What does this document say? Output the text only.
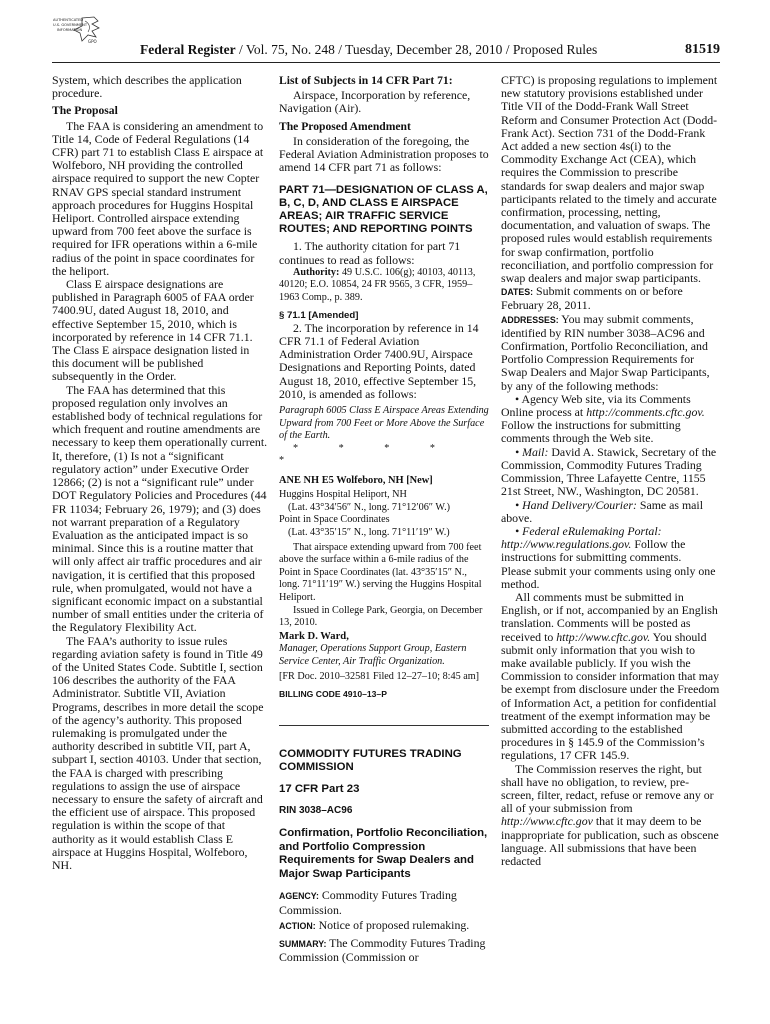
AUTHENTICATED
U.S. GOVERNMENT
INFORMATION
GPO
Federal Register / Vol. 75, No. 248 / Tuesday, December 28, 2010 / Proposed Rules	81519

System, which describes the application procedure.

The Proposal

The FAA is considering an amendment to Title 14, Code of Federal Regulations (14 CFR) part 71 to establish Class E airspace at Wolfeboro, NH providing the controlled airspace required to support the new Copter RNAV GPS special standard instrument approach procedures for Huggins Hospital Heliport. Controlled airspace extending upward from 700 feet above the surface is required for IFR operations within a 6-mile radius of the point in space coordinates for the heliport.

Class E airspace designations are published in Paragraph 6005 of FAA order 7400.9U, dated August 18, 2010, and effective September 15, 2010, which is incorporated by reference in 14 CFR 71.1. The Class E airspace designation listed in this document will be published subsequently in the Order.

The FAA has determined that this proposed regulation only involves an established body of technical regulations for which frequent and routine amendments are necessary to keep them operationally current. It, therefore, (1) Is not a “significant regulatory action” under Executive Order 12866; (2) is not a “significant rule” under DOT Regulatory Policies and Procedures (44 FR 11034; February 26, 1979); and (3) does not warrant preparation of a Regulatory Evaluation as the anticipated impact is so minimal. Since this is a routine matter that will only affect air traffic procedures and air navigation, it is certified that this proposed rule, when promulgated, would not have a significant economic impact on a substantial number of small entities under the criteria of the Regulatory Flexibility Act.

The FAA’s authority to issue rules regarding aviation safety is found in Title 49 of the United States Code. Subtitle I, section 106 describes the authority of the FAA Administrator. Subtitle VII, Aviation Programs, describes in more detail the scope of the agency’s authority. This proposed rulemaking is promulgated under the authority described in subtitle VII, part A, subpart I, section 40103. Under that section, the FAA is charged with prescribing regulations to assign the use of airspace necessary to ensure the safety of aircraft and the efficient use of airspace. This proposed regulation is within the scope of that authority as it would establish Class E airspace at Huggins Hospital, Wolfeboro, NH.

List of Subjects in 14 CFR Part 71:

Airspace, Incorporation by reference, Navigation (Air).

The Proposed Amendment

In consideration of the foregoing, the Federal Aviation Administration proposes to amend 14 CFR part 71 as follows:

PART 71—DESIGNATION OF CLASS A, B, C, D, AND CLASS E AIRSPACE AREAS; AIR TRAFFIC SERVICE ROUTES; AND REPORTING POINTS

1. The authority citation for part 71 continues to read as follows:

Authority: 49 U.S.C. 106(g); 40103, 40113, 40120; E.O. 10854, 24 FR 9565, 3 CFR, 1959–1963 Comp., p. 389.

§ 71.1 [Amended]

2. The incorporation by reference in 14 CFR 71.1 of Federal Aviation Administration Order 7400.9U, Airspace Designations and Reporting Points, dated August 18, 2010, effective September 15, 2010, is amended as follows:

Paragraph 6005 Class E Airspace Areas Extending Upward from 700 Feet or More Above the Surface of the Earth.

* * * * *

ANE NH E5 Wolfeboro, NH [New]

Huggins Hospital Heliport, NH

(Lat. 43°34′56″ N., long. 71°12′06″ W.)

Point in Space Coordinates

(Lat. 43°35′15″ N., long. 71°11′19″ W.)

That airspace extending upward from 700 feet above the surface within a 6-mile radius of the Point in Space Coordinates (lat. 43°35′15″ N., long. 71°11′19″ W.) serving the Huggins Hospital Heliport.

Issued in College Park, Georgia, on December 13, 2010.

Mark D. Ward,

Manager, Operations Support Group, Eastern Service Center, Air Traffic Organization.

[FR Doc. 2010–32581 Filed 12–27–10; 8:45 am]

BILLING CODE 4910–13–P
COMMODITY FUTURES TRADING COMMISSION
17 CFR Part 23
RIN 3038–AC96
Confirmation, Portfolio Reconciliation, and Portfolio Compression Requirements for Swap Dealers and Major Swap Participants

AGENCY: Commodity Futures Trading Commission.

ACTION: Notice of proposed rulemaking.

SUMMARY: The Commodity Futures Trading Commission (Commission or

CFTC) is proposing regulations to implement new statutory provisions established under Title VII of the Dodd-Frank Wall Street Reform and Consumer Protection Act (Dodd-Frank Act). Section 731 of the Dodd-Frank Act added a new section 4s(i) to the Commodity Exchange Act (CEA), which requires the Commission to prescribe standards for swap dealers and major swap participants related to the timely and accurate confirmation, processing, netting, documentation, and valuation of swaps. The proposed rules would establish requirements for swap confirmation, portfolio reconciliation, and portfolio compression for swap dealers and major swap participants.

DATES: Submit comments on or before February 28, 2011.

ADDRESSES: You may submit comments, identified by RIN number 3038–AC96 and Confirmation, Portfolio Reconciliation, and Portfolio Compression Requirements for Swap Dealers and Major Swap Participants, by any of the following methods:

• Agency Web site, via its Comments Online process at http://comments.cftc.gov. Follow the instructions for submitting comments through the Web site.

• Mail: David A. Stawick, Secretary of the Commission, Commodity Futures Trading Commission, Three Lafayette Centre, 1155 21st Street, NW., Washington, DC 20581.

• Hand Delivery/Courier: Same as mail above.

• Federal eRulemaking Portal: http://www.regulations.gov. Follow the instructions for submitting comments.

Please submit your comments using only one method.

All comments must be submitted in English, or if not, accompanied by an English translation. Comments will be posted as received to http://www.cftc.gov. You should submit only information that you wish to make available publicly. If you wish the Commission to consider information that may be exempt from disclosure under the Freedom of Information Act, a petition for confidential treatment of the exempt information may be submitted according to the established procedures in § 145.9 of the Commission’s regulations, 17 CFR 145.9.

The Commission reserves the right, but shall have no obligation, to review, pre-screen, filter, redact, refuse or remove any or all of your submission from http://www.cftc.gov that it may deem to be inappropriate for publication, such as obscene language. All submissions that have been redacted
